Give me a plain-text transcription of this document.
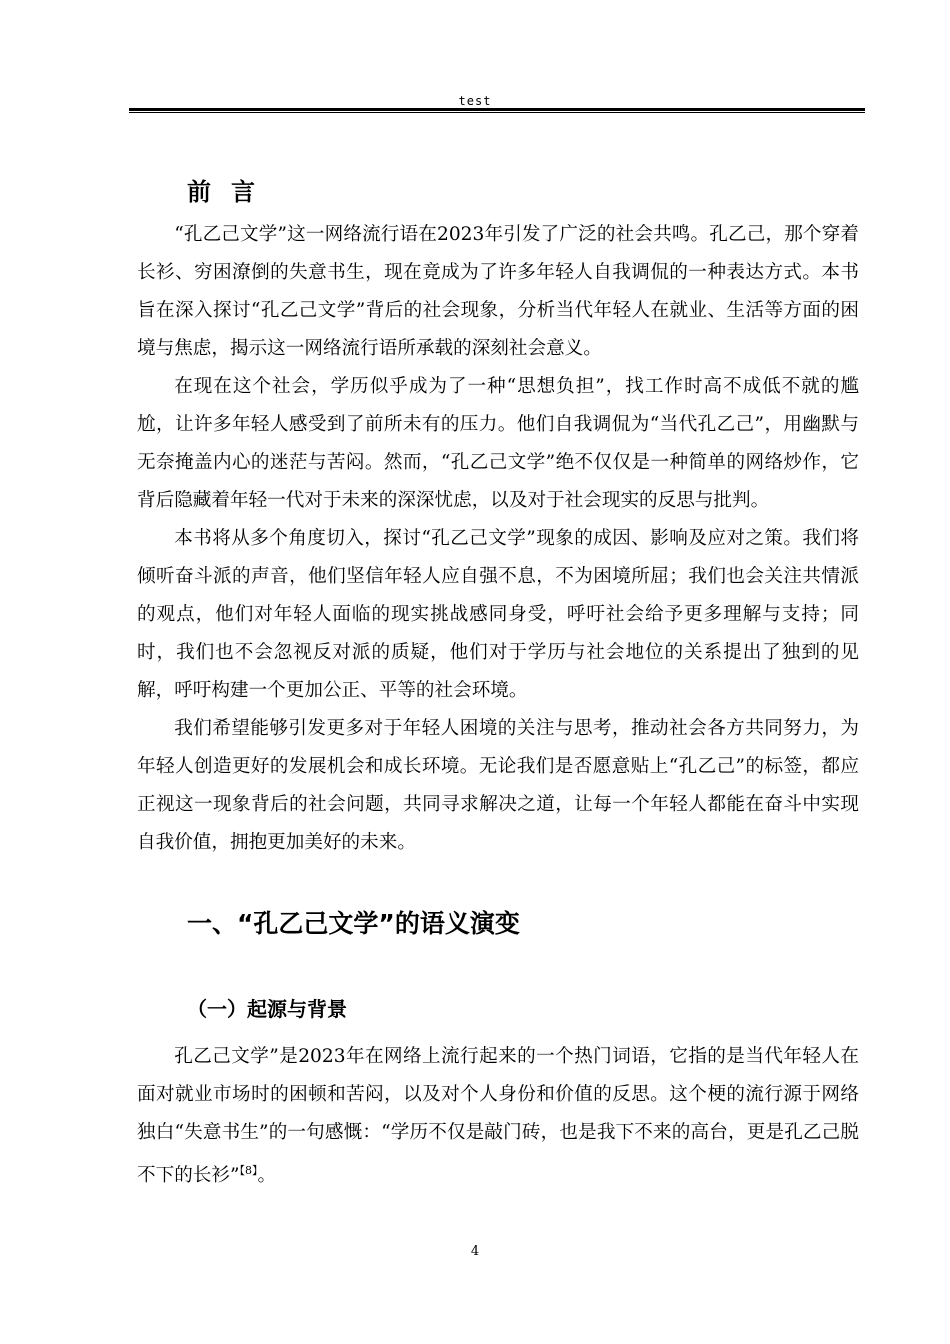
test
前言

“孔乙己文学”这一网络流行语在2023年引发了广泛的社会共鸣。孔乙己，那个穿着长衫、穷困潦倒的失意书生，现在竟成为了许多年轻人自我调侃的一种表达方式。本书旨在深入探讨“孔乙己文学”背后的社会现象，分析当代年轻人在就业、生活等方面的困境与焦虑，揭示这一网络流行语所承载的深刻社会意义。

在现在这个社会，学历似乎成为了一种“思想负担”，找工作时高不成低不就的尴尬，让许多年轻人感受到了前所未有的压力。他们自我调侃为“当代孔乙己”，用幽默与无奈掩盖内心的迷茫与苦闷。然而，“孔乙己文学”绝不仅仅是一种简单的网络炒作，它背后隐藏着年轻一代对于未来的深深忧虑，以及对于社会现实的反思与批判。

本书将从多个角度切入，探讨“孔乙己文学”现象的成因、影响及应对之策。我们将倾听奋斗派的声音，他们坚信年轻人应自强不息，不为困境所屈；我们也会关注共情派的观点，他们对年轻人面临的现实挑战感同身受，呼吁社会给予更多理解与支持；同时，我们也不会忽视反对派的质疑，他们对于学历与社会地位的关系提出了独到的见解，呼吁构建一个更加公正、平等的社会环境。

我们希望能够引发更多对于年轻人困境的关注与思考，推动社会各方共同努力，为年轻人创造更好的发展机会和成长环境。无论我们是否愿意贴上“孔乙己”的标签，都应正视这一现象背后的社会问题，共同寻求解决之道，让每一个年轻人都能在奋斗中实现自我价值，拥抱更加美好的未来。

一、“孔乙己文学”的语义演变
（一）起源与背景

孔乙己文学”是2023年在网络上流行起来的一个热门词语，它指的是当代年轻人在面对就业市场时的困顿和苦闷，以及对个人身份和价值的反思。这个梗的流行源于网络独白“失意书生”的一句感慨：“学历不仅是敲门砖，也是我下不来的高台，更是孔乙己脱不下的长衫”$^{【8】}$。

4
